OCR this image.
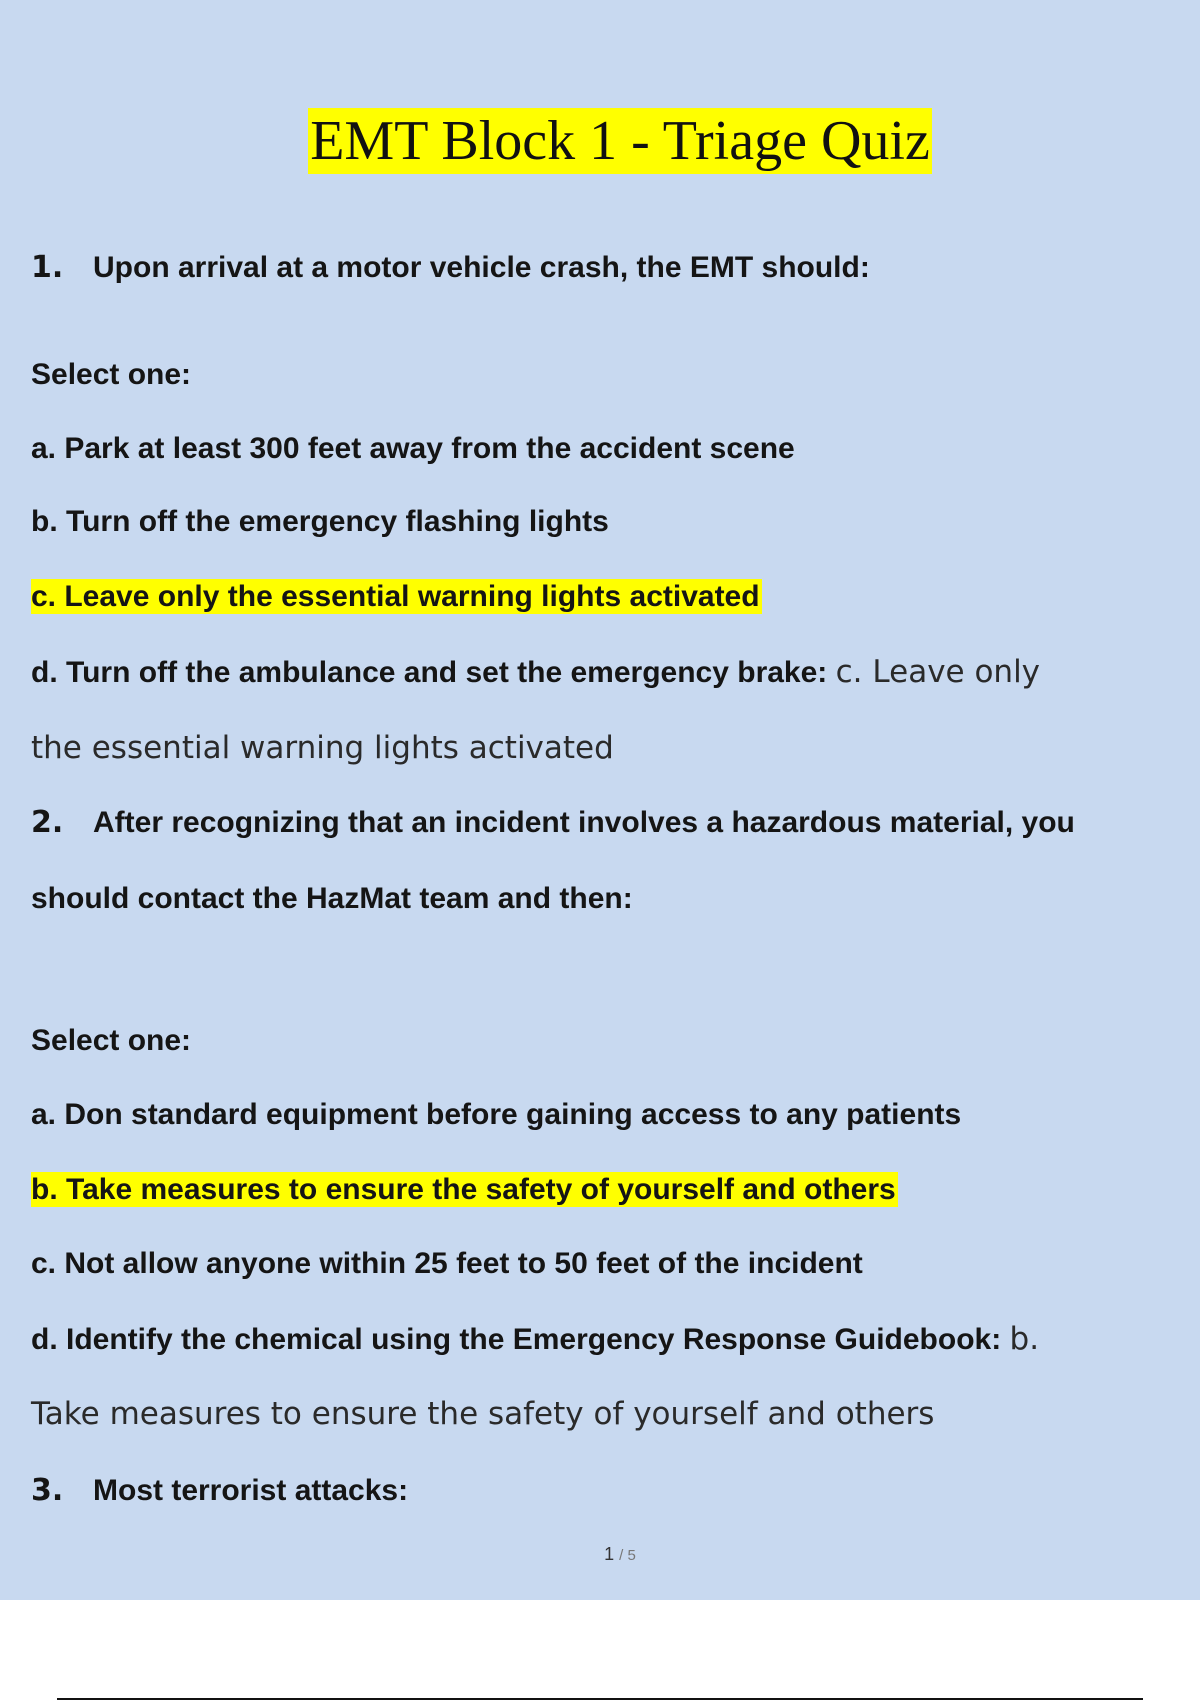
EMT Block 1 - Triage Quiz
1. Upon arrival at a motor vehicle crash, the EMT should:
Select one:
a. Park at least 300 feet away from the accident scene
b. Turn off the emergency flashing lights
c. Leave only the essential warning lights activated
d. Turn off the ambulance and set the emergency brake: c. Leave only
the essential warning lights activated
2. After recognizing that an incident involves a hazardous material, you
should contact the HazMat team and then:
Select one:
a. Don standard equipment before gaining access to any patients
b. Take measures to ensure the safety of yourself and others
c. Not allow anyone within 25 feet to 50 feet of the incident
d. Identify the chemical using the Emergency Response Guidebook: b.
Take measures to ensure the safety of yourself and others
3. Most terrorist attacks:
1 / 5
